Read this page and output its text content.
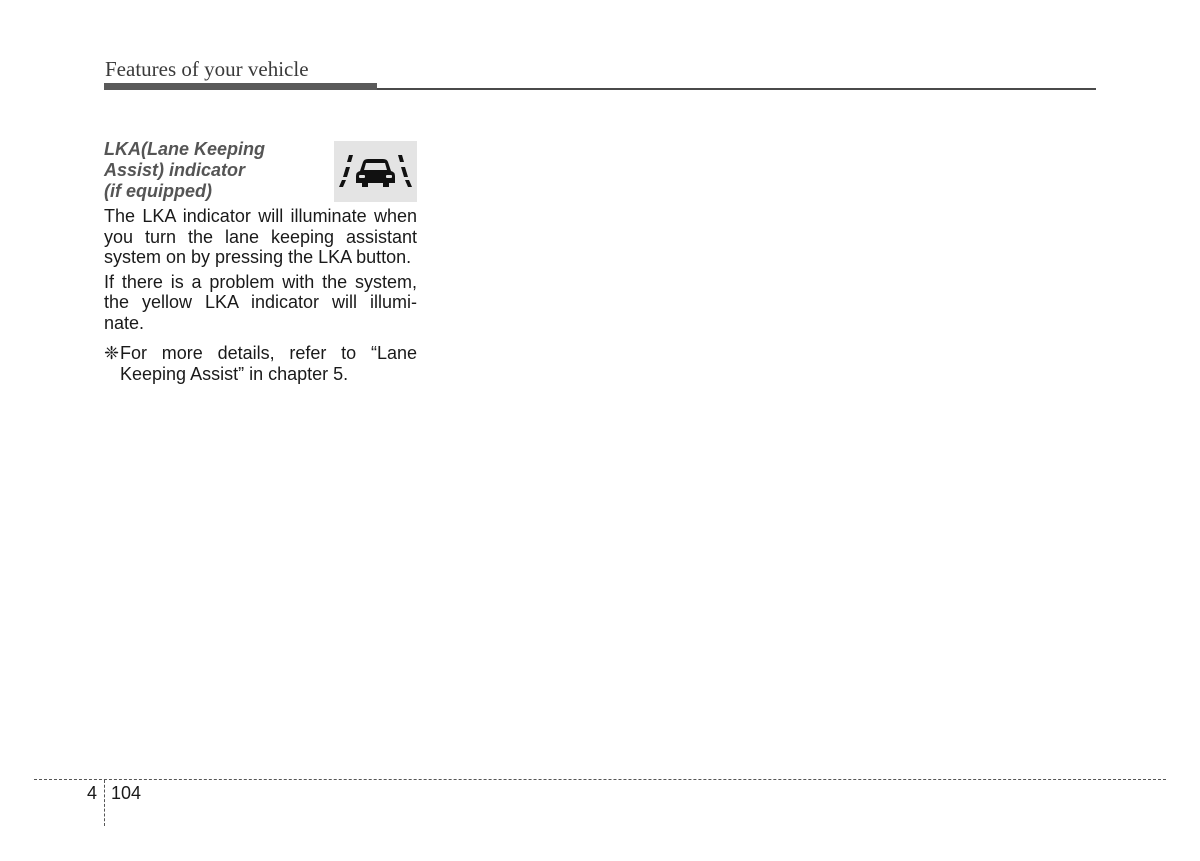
Features of your vehicle
LKA(Lane Keeping
Assist) indicator
(if equipped)

The LKA indicator will illuminate when you turn the lane keeping assistant system on by pressing the LKA button.

If there is a problem with the system, the yellow LKA indicator will illumi-nate.

❈ For more details, refer to “Lane Keeping Assist” in chapter 5.
4 104
